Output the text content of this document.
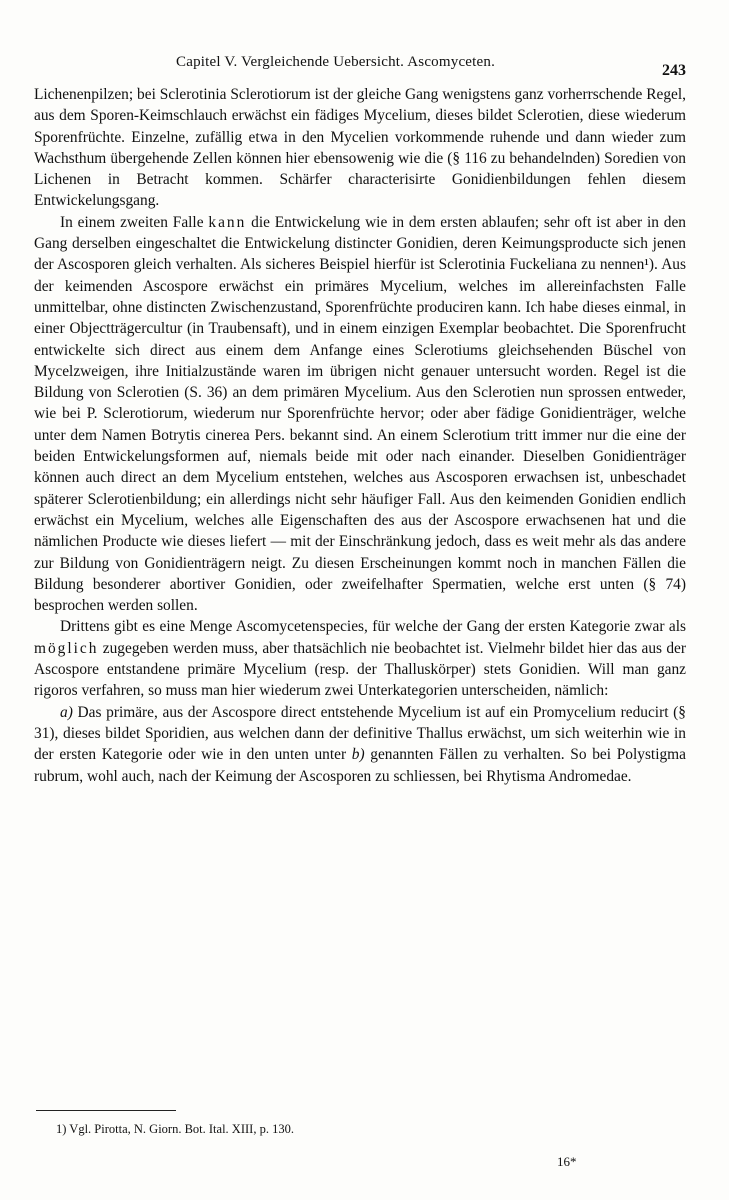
Capitel V. Vergleichende Uebersicht. Ascomyceten.	243

Lichenenpilzen; bei Sclerotinia Sclerotiorum ist der gleiche Gang wenigstens ganz vorherrschende Regel, aus dem Sporen-Keimschlauch erwächst ein fädiges Mycelium, dieses bildet Sclerotien, diese wiederum Sporenfrüchte. Einzelne, zufällig etwa in den Mycelien vorkommende ruhende und dann wieder zum Wachsthum übergehende Zellen können hier ebensowenig wie die (§ 116 zu behandelnden) Soredien von Lichenen in Betracht kommen. Schärfer characterisirte Gonidienbildungen fehlen diesem Entwickelungsgang.

In einem zweiten Falle kann die Entwickelung wie in dem ersten ablaufen; sehr oft ist aber in den Gang derselben eingeschaltet die Entwickelung distincter Gonidien, deren Keimungsproducte sich jenen der Ascosporen gleich verhalten. Als sicheres Beispiel hierfür ist Sclerotinia Fuckeliana zu nennen¹). Aus der keimenden Ascospore erwächst ein primäres Mycelium, welches im allereinfachsten Falle unmittelbar, ohne distincten Zwischenzustand, Sporenfrüchte produciren kann. Ich habe dieses einmal, in einer Objectträgercultur (in Traubensaft), und in einem einzigen Exemplar beobachtet. Die Sporenfrucht entwickelte sich direct aus einem dem Anfange eines Sclerotiums gleichsehenden Büschel von Mycelzweigen, ihre Initialzustände waren im übrigen nicht genauer untersucht worden. Regel ist die Bildung von Sclerotien (S. 36) an dem primären Mycelium. Aus den Sclerotien nun sprossen entweder, wie bei P. Sclerotiorum, wiederum nur Sporenfrüchte hervor; oder aber fädige Gonidienträger, welche unter dem Namen Botrytis cinerea Pers. bekannt sind. An einem Sclerotium tritt immer nur die eine der beiden Entwickelungsformen auf, niemals beide mit oder nach einander. Dieselben Gonidienträger können auch direct an dem Mycelium entstehen, welches aus Ascosporen erwachsen ist, unbeschadet späterer Sclerotienbildung; ein allerdings nicht sehr häufiger Fall. Aus den keimenden Gonidien endlich erwächst ein Mycelium, welches alle Eigenschaften des aus der Ascospore erwachsenen hat und die nämlichen Producte wie dieses liefert — mit der Einschränkung jedoch, dass es weit mehr als das andere zur Bildung von Gonidienträgern neigt. Zu diesen Erscheinungen kommt noch in manchen Fällen die Bildung besonderer abortiver Gonidien, oder zweifelhafter Spermatien, welche erst unten (§ 74) besprochen werden sollen.

Drittens gibt es eine Menge Ascomycetenspecies, für welche der Gang der ersten Kategorie zwar als möglich zugegeben werden muss, aber thatsächlich nie beobachtet ist. Vielmehr bildet hier das aus der Ascospore entstandene primäre Mycelium (resp. der Thalluskörper) stets Gonidien. Will man ganz rigoros verfahren, so muss man hier wiederum zwei Unterkategorien unterscheiden, nämlich:

a) Das primäre, aus der Ascospore direct entstehende Mycelium ist auf ein Promycelium reducirt (§ 31), dieses bildet Sporidien, aus welchen dann der definitive Thallus erwächst, um sich weiterhin wie in der ersten Kategorie oder wie in den unten unter b) genannten Fällen zu verhalten. So bei Polystigma rubrum, wohl auch, nach der Keimung der Ascosporen zu schliessen, bei Rhytisma Andromedae.

1) Vgl. Pirotta, N. Giorn. Bot. Ital. XIII, p. 130.
16*
